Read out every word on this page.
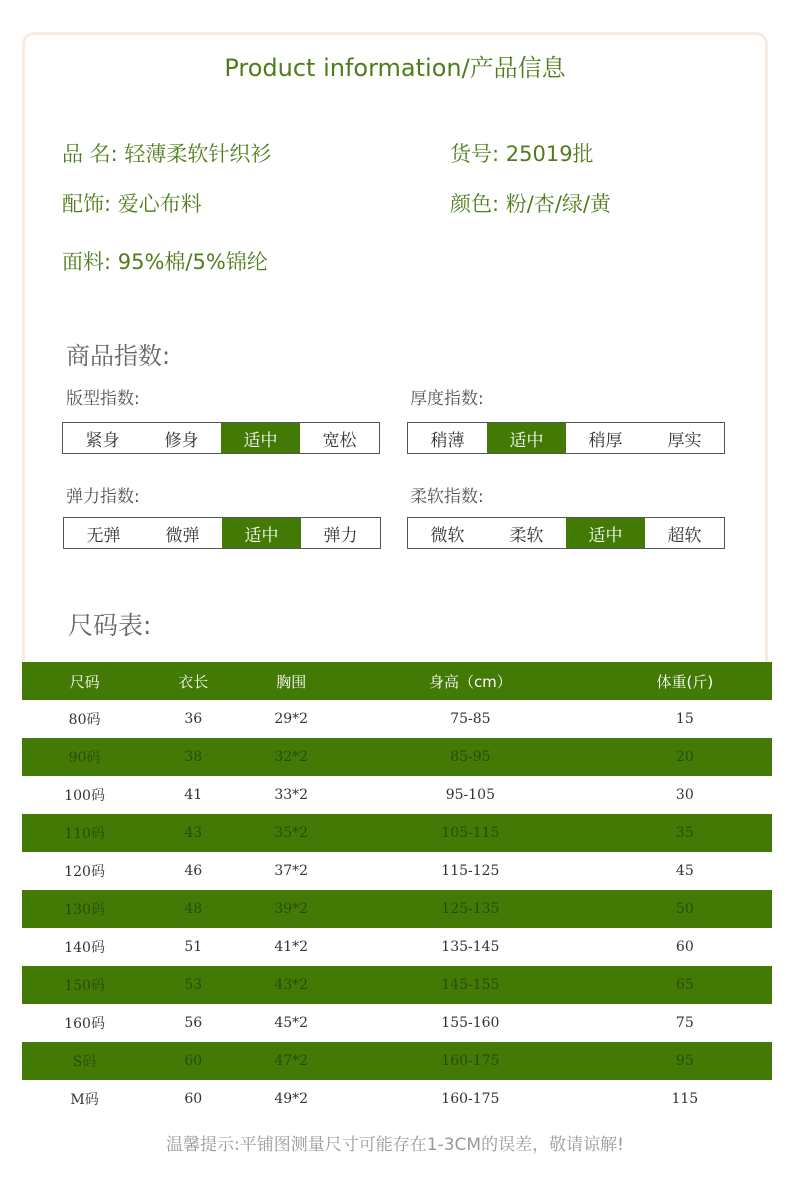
Product information/产品信息
品 名: 轻薄柔软针织衫	货号: 25019批
配饰: 爱心布料	颜色: 粉/杏/绿/黄
面料: 95%棉/5%锦纶
商品指数:
版型指数:
紧身	修身	适中	宽松
厚度指数:
稍薄	适中	稍厚	厚实
弹力指数:
无弹	微弹	适中	弹力
柔软指数:
微软	柔软	适中	超软
尺码表:
尺码	衣长	胸围	身高（cm）	体重(斤)
80码	36	29*2	75-85	15
90码	38	32*2	85-95	20
100码	41	33*2	95-105	30
110码	43	35*2	105-115	35
120码	46	37*2	115-125	45
130码	48	39*2	125-135	50
140码	51	41*2	135-145	60
150码	53	43*2	145-155	65
160码	56	45*2	155-160	75
S码	60	47*2	160-175	95
M码	60	49*2	160-175	115
温馨提示:平铺图测量尺寸可能存在1-3CM的误差，敬请谅解!
